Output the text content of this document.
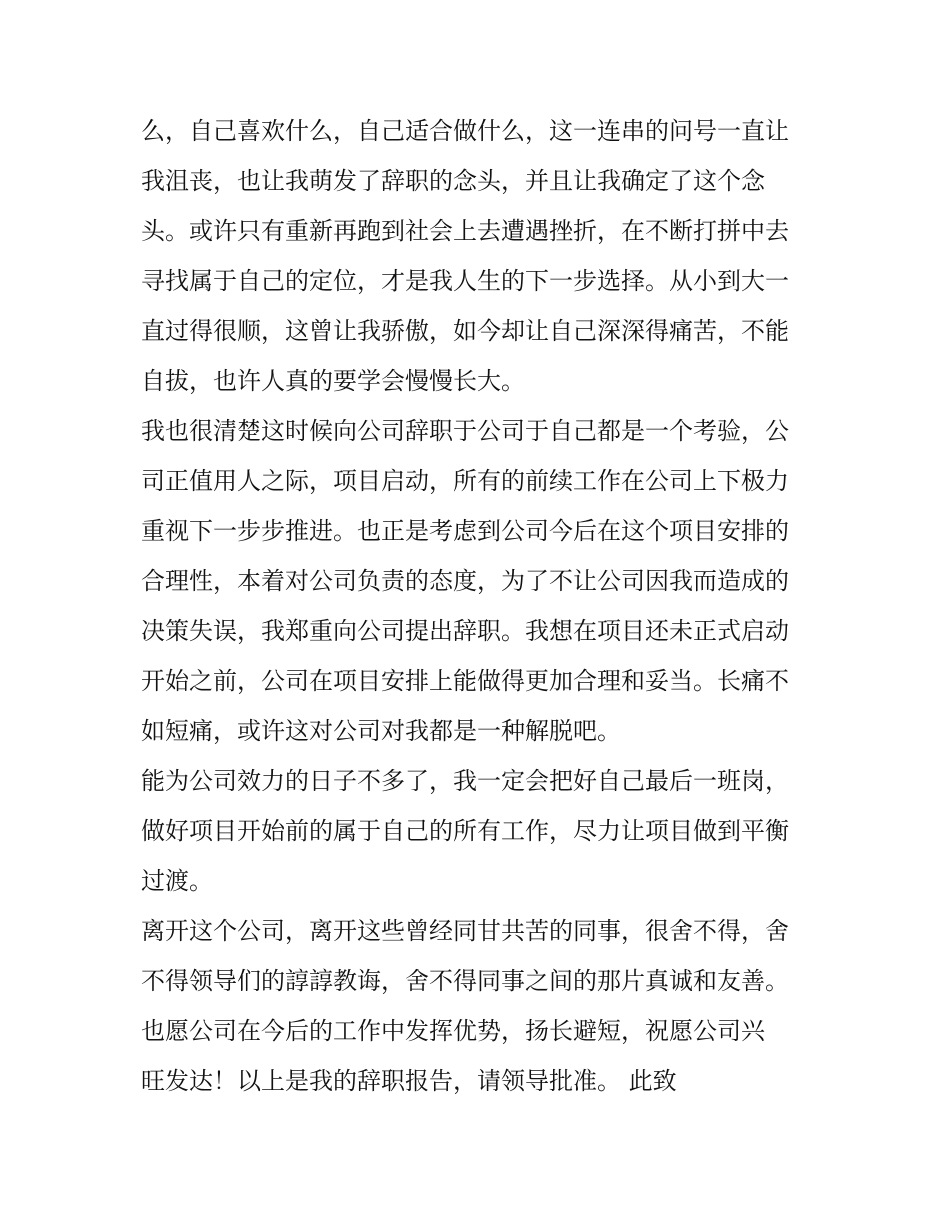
么，自己喜欢什么，自己适合做什么，这一连串的问号一直让
我沮丧，也让我萌发了辞职的念头，并且让我确定了这个念
头。或许只有重新再跑到社会上去遭遇挫折，在不断打拼中去
寻找属于自己的定位，才是我人生的下一步选择。从小到大一
直过得很顺，这曾让我骄傲，如今却让自己深深得痛苦，不能
自拔，也许人真的要学会慢慢长大。
我也很清楚这时候向公司辞职于公司于自己都是一个考验，公
司正值用人之际，项目启动，所有的前续工作在公司上下极力
重视下一步步推进。也正是考虑到公司今后在这个项目安排的
合理性，本着对公司负责的态度，为了不让公司因我而造成的
决策失误，我郑重向公司提出辞职。我想在项目还未正式启动
开始之前，公司在项目安排上能做得更加合理和妥当。长痛不
如短痛，或许这对公司对我都是一种解脱吧。
能为公司效力的日子不多了，我一定会把好自己最后一班岗，
做好项目开始前的属于自己的所有工作，尽力让项目做到平衡
过渡。
离开这个公司，离开这些曾经同甘共苦的同事，很舍不得，舍
不得领导们的諄諄教诲，舍不得同事之间的那片真诚和友善。
也愿公司在今后的工作中发挥优势，扬长避短，祝愿公司兴
旺发达！以上是我的辞职报告，请领导批准。 此致
